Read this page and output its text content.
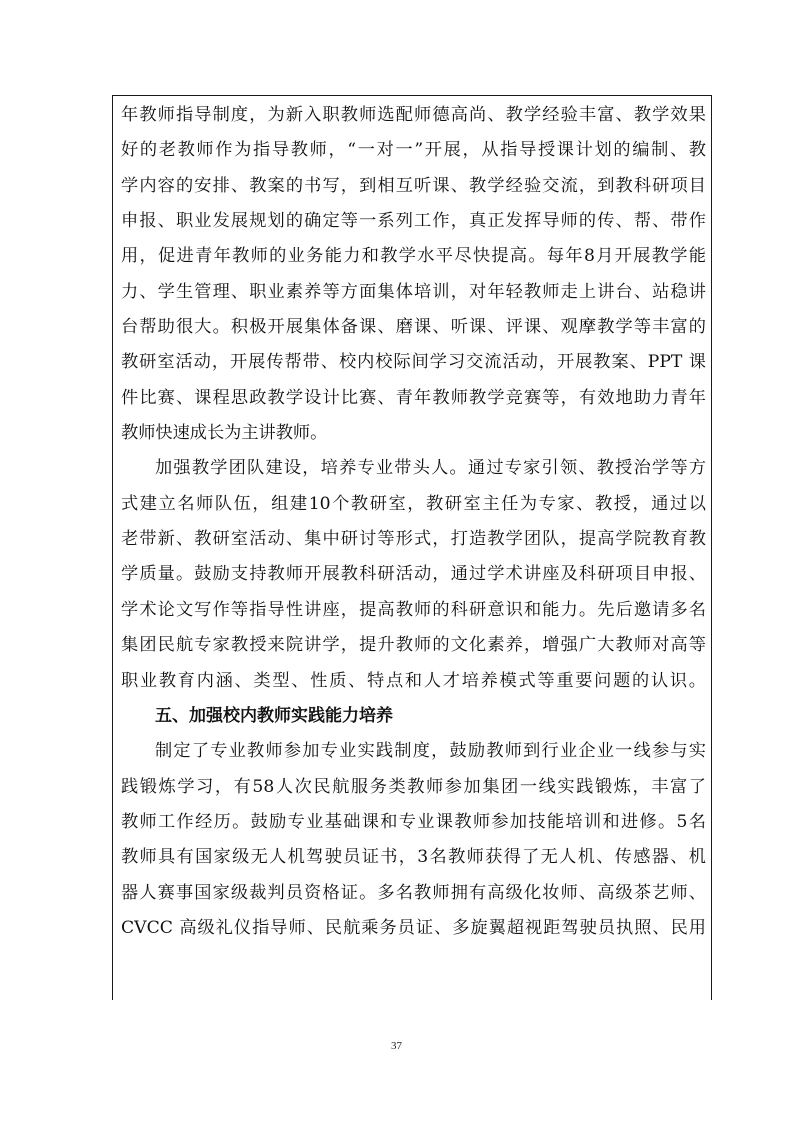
年教师指导制度，为新入职教师选配师德高尚、教学经验丰富、教学效果
好的老教师作为指导教师，“一对一”开展，从指导授课计划的编制、教
学内容的安排、教案的书写，到相互听课、教学经验交流，到教科研项目
申报、职业发展规划的确定等一系列工作，真正发挥导师的传、帮、带作
用，促进青年教师的业务能力和教学水平尽快提高。每年8月开展教学能
力、学生管理、职业素养等方面集体培训，对年轻教师走上讲台、站稳讲
台帮助很大。积极开展集体备课、磨课、听课、评课、观摩教学等丰富的
教研室活动，开展传帮带、校内校际间学习交流活动，开展教案、PPT 课
件比赛、课程思政教学设计比赛、青年教师教学竞赛等，有效地助力青年
教师快速成长为主讲教师。
加强教学团队建设，培养专业带头人。通过专家引领、教授治学等方
式建立名师队伍，组建10个教研室，教研室主任为专家、教授，通过以
老带新、教研室活动、集中研讨等形式，打造教学团队，提高学院教育教
学质量。鼓励支持教师开展教科研活动，通过学术讲座及科研项目申报、
学术论文写作等指导性讲座，提高教师的科研意识和能力。先后邀请多名
集团民航专家教授来院讲学，提升教师的文化素养，增强广大教师对高等
职业教育内涵、类型、性质、特点和人才培养模式等重要问题的认识。
五、加强校内教师实践能力培养
制定了专业教师参加专业实践制度，鼓励教师到行业企业一线参与实
践锻炼学习，有58人次民航服务类教师参加集团一线实践锻炼，丰富了
教师工作经历。鼓励专业基础课和专业课教师参加技能培训和进修。5名
教师具有国家级无人机驾驶员证书，3名教师获得了无人机、传感器、机
器人赛事国家级裁判员资格证。多名教师拥有高级化妆师、高级茶艺师、
CVCC 高级礼仪指导师、民航乘务员证、多旋翼超视距驾驶员执照、民用
37
